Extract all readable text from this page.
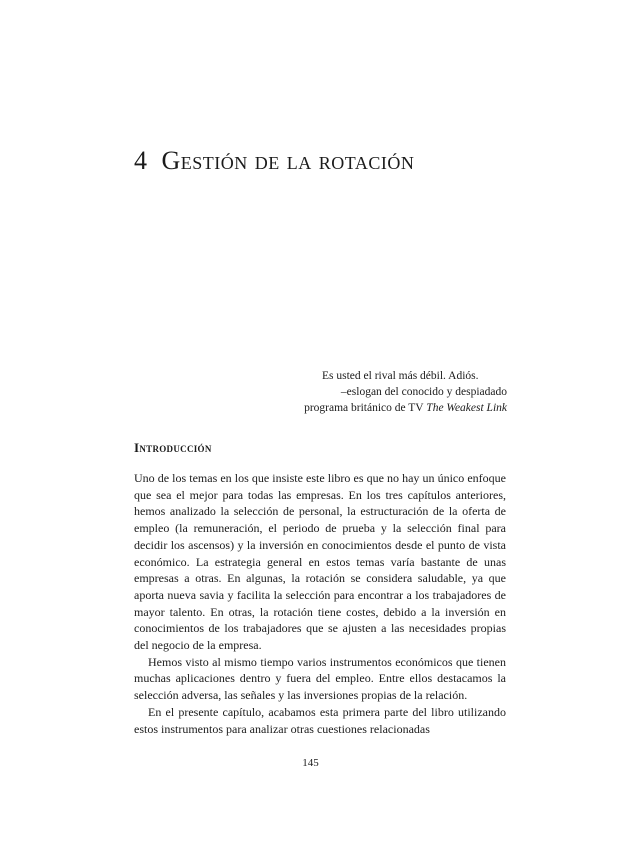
4 Gestión de la rotación
Es usted el rival más débil. Adiós.
–eslogan del conocido y despiadado
programa británico de TV The Weakest Link
Introducción

Uno de los temas en los que insiste este libro es que no hay un único enfoque que sea el mejor para todas las empresas. En los tres capítulos anteriores, hemos analizado la selección de personal, la estructuración de la oferta de empleo (la remuneración, el periodo de prueba y la selección final para decidir los ascensos) y la inversión en conocimientos desde el punto de vista económico. La estrategia general en estos temas varía bastante de unas empresas a otras. En algunas, la rotación se considera saludable, ya que aporta nueva savia y facilita la selección para encontrar a los trabajadores de mayor talento. En otras, la rotación tiene costes, debido a la inversión en conocimientos de los trabajadores que se ajusten a las necesidades propias del negocio de la empresa.

Hemos visto al mismo tiempo varios instrumentos económicos que tienen muchas aplicaciones dentro y fuera del empleo. Entre ellos destacamos la selección adversa, las señales y las inversiones propias de la relación.

En el presente capítulo, acabamos esta primera parte del libro utilizando estos instrumentos para analizar otras cuestiones relacionadas

145
